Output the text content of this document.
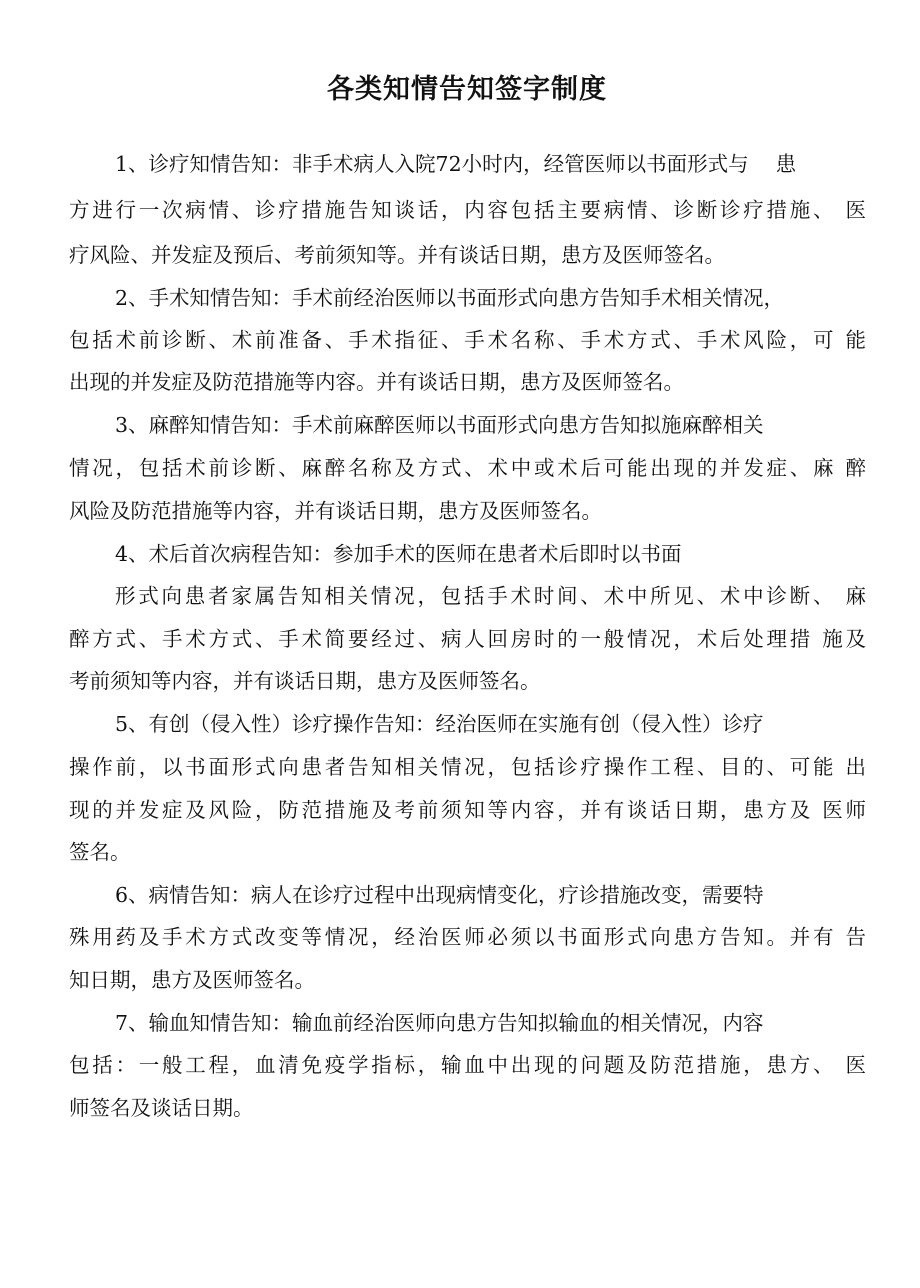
各类知情告知签字制度
1、诊疗知情告知：非手术病人入院72小时内，经管医师以书面形式与　 患
方进行一次病情、诊疗措施告知谈话，内容包括主要病情、诊断诊疗措施、 医
疗风险、并发症及预后、考前须知等。并有谈话日期，患方及医师签名。
2、手术知情告知：手术前经治医师以书面形式向患方告知手术相关情况，
包括术前诊断、术前准备、手术指征、手术名称、手术方式、手术风险，可 能
出现的并发症及防范措施等内容。并有谈话日期，患方及医师签名。
3、麻醉知情告知：手术前麻醉医师以书面形式向患方告知拟施麻醉相关
情况，包括术前诊断、麻醉名称及方式、术中或术后可能出现的并发症、麻 醉
风险及防范措施等内容，并有谈话日期，患方及医师签名。
4、术后首次病程告知：参加手术的医师在患者术后即时以书面
形式向患者家属告知相关情况，包括手术时间、术中所见、术中诊断、 麻
醉方式、手术方式、手术简要经过、病人回房时的一般情况，术后处理措 施及
考前须知等内容，并有谈话日期，患方及医师签名。
5、有创（侵入性）诊疗操作告知：经治医师在实施有创（侵入性）诊疗
操作前，以书面形式向患者告知相关情况，包括诊疗操作工程、目的、可能 出
现的并发症及风险，防范措施及考前须知等内容，并有谈话日期，患方及 医师
签名。
6、病情告知：病人在诊疗过程中出现病情变化，疗诊措施改变，需要特
殊用药及手术方式改变等情况，经治医师必须以书面形式向患方告知。并有 告
知日期，患方及医师签名。
7、输血知情告知：输血前经治医师向患方告知拟输血的相关情况，内容
包括：一般工程，血清免疫学指标，输血中出现的问题及防范措施，患方、 医
师签名及谈话日期。
